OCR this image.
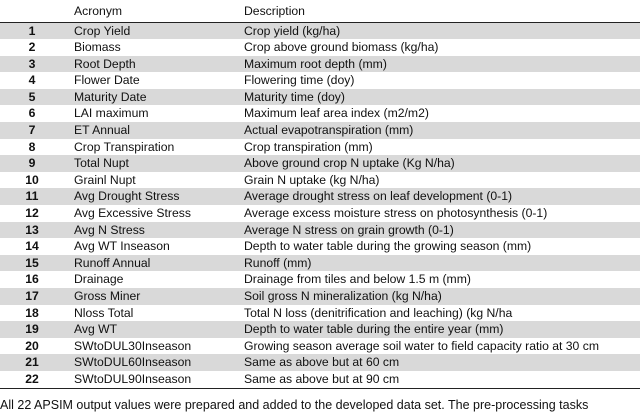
	Acronym	Description
1	Crop Yield	Crop yield (kg/ha)
2	Biomass	Crop above ground biomass (kg/ha)
3	Root Depth	Maximum root depth (mm)
4	Flower Date	Flowering time (doy)
5	Maturity Date	Maturity time (doy)
6	LAI maximum	Maximum leaf area index (m2/m2)
7	ET Annual	Actual evapotranspiration (mm)
8	Crop Transpiration	Crop transpiration (mm)
9	Total Nupt	Above ground crop N uptake (Kg N/ha)
10	Grainl Nupt	Grain N uptake (kg N/ha)
11	Avg Drought Stress	Average drought stress on leaf development (0-1)
12	Avg Excessive Stress	Average excess moisture stress on photosynthesis (0-1)
13	Avg N Stress	Average N stress on grain growth (0-1)
14	Avg WT Inseason	Depth to water table during the growing season (mm)
15	Runoff Annual	Runoff (mm)
16	Drainage	Drainage from tiles and below 1.5 m (mm)
17	Gross Miner	Soil gross N mineralization (kg N/ha)
18	Nloss Total	Total N loss (denitrification and leaching) (kg N/ha
19	Avg WT	Depth to water table during the entire year (mm)
20	SWtoDUL30Inseason	Growing season average soil water to field capacity ratio at 30 cm
21	SWtoDUL60Inseason	Same as above but at 60 cm
22	SWtoDUL90Inseason	Same as above but at 90 cm
All 22 APSIM output values were prepared and added to the developed data set. The pre-processing tasks
